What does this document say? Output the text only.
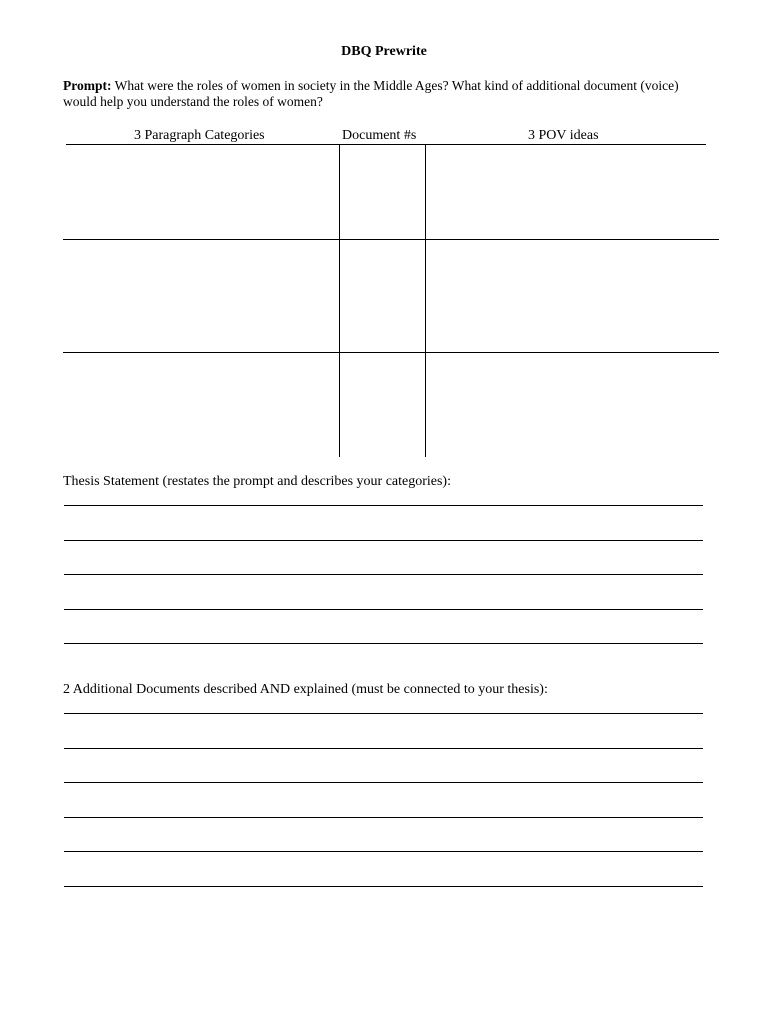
DBQ Prewrite
Prompt: What were the roles of women in society in the Middle Ages? What kind of additional document (voice) would help you understand the roles of women?
3 Paragraph Categories	Document #s	3 POV ideas
Thesis Statement (restates the prompt and describes your categories):
2 Additional Documents described AND explained (must be connected to your thesis):
